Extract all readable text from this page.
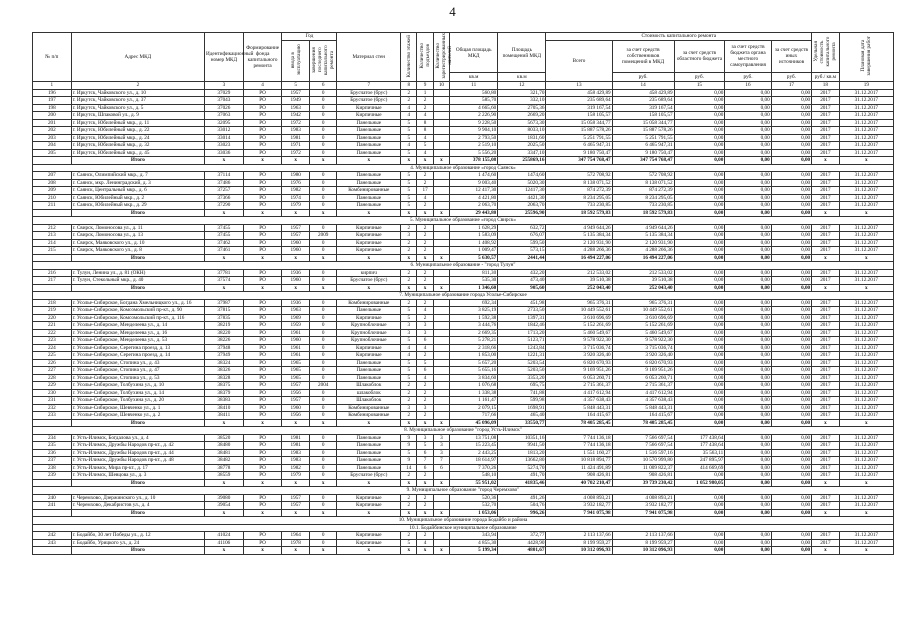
4
№ п/п	Адрес МКД	Идентификационный номер МКД	Формирование фонда капитального ремонта	Год		Материал стен	Количество этажей	Количество подъездов	Количество зарегистрированных жителей	Общая площадь МКД	Площадь помещений МКД	Стоимость капитального ремонта					Удельная стоимость капитального ремонта	Плановая дата завершения работ
				ввода в эксплуатацию	завершения последнего капитального ремонта							Всего	за счет средств собственников помещений в МКД	за счет средств областного бюджета	за счет средств бюджета органа местного самоуправления	за счет средств иных источников		
										кв.м	кв.м		руб.	руб.	руб.	руб.	руб./ кв.м	
1	2	3	4	5	6	7	8	9	10	11	12	13	14	15	16	17	18	19
196	г. Иркутск, Чайковского ул., д. 10	37029	РО	1957	0	Брусчатое (брус)	2	1		560,80	321,70	458 429,89	458 429,89	0,00	0,00	0,00	2017	31.12.2017
197	г. Иркутск, Чайковского ул., д. 37	37043	РО	1949	0	Брусчатое (брус)	2	2		585,70	332,10	235 689,64	235 689,64	0,00	0,00	0,00	2017	31.12.2017
198	г. Иркутск, Чайковского ул., д. 5	37026	РО	1963	0	Кирпичные	4	2		4 665,60	2705,36	319 167,54	319 167,54	0,00	0,00	0,00	2017	31.12.2017
200	г. Иркутск, Шпаковой ул., д. 9	37063	РО	1942	0	Кирпичные	4	4		2 226,90	2669,20	158 105,57	158 105,57	0,00	0,00	0,00	2017	31.12.2017
201	г. Иркутск, Юбилейный мкр., д. 11	32095	РО	1972	0	Панельные	5	8		9 228,50	5673,30	15 058 344,77	15 058 344,77	0,00	0,00	0,00	2017	31.12.2017
202	г. Иркутск, Юбилейный мкр., д. 22	33012	РО	1983	0	Панельные	5	8		9 904,10	8033,10	15 887 578,26	15 887 578,26	0,00	0,00	0,00	2017	31.12.2017
203	г. Иркутск, Юбилейный мкр., д. 24	33014	РО	1981	0	Панельные	5	4		2 793,50	1831,60	5 251 791,55	5 251 791,55	0,00	0,00	0,00	2017	31.12.2017
204	г. Иркутск, Юбилейный мкр., д. 32	33023	РО	1971	0	Панельные	4	5		2 519,10	2025,50	6 465 947,31	6 465 947,31	0,00	0,00	0,00	2017	31.12.2017
205	г. Иркутск, Юбилейный мкр., д. 45	33036	РО	1972	0	Панельные	5	4		5 556,20	3347,10	9 180 750,47	9 180 750,47	0,00	0,00	0,00	2017	31.12.2017
	Итого	x	x	x	x	x	x	x	x	378 155,08	255869,16	347 754 768,47	347 754 768,47	0,00	0,00	0,00	x	x
4. Муниципальное образование «город Саянск»																		
207	г. Саянск, Олимпийский мкр., д. 7	37114	РО	1980	0	Панельные	5	2		1 474,60	1474,60	572 708,92	572 708,92	0,00	0,00	0,00	2017	31.12.2017
208	г. Саянск, мкр. Ленинградский, д. 3	37486	РО	1976	0	Панельные	5	2		9 003,40	5020,30	8 138 071,52	8 138 071,52	0,00	0,00	0,00	2017	31.12.2017
209	г. Саянск, Центральный мкр., д. 6	37257	РО	1982	0	Комбинированные	5	17		12 417,30	12417,30	874 272,39	874 272,39	0,00	0,00	0,00	2017	31.12.2017
210	г. Саянск, Юбилейный мкр., д. 2	37366	РО	1974	0	Панельные	5	4		4 421,80	4421,30	8 234 295,05	8 234 295,05	0,00	0,00	0,00	2017	31.12.2017
211	г. Саянск, Юбилейный мкр., д. 29	37290	РО	1979	0	Панельные	5	2		2 063,70	2063,70	733 230,85	733 230,85	0,00	0,00	0,00	2017	31.12.2017
	Итого	x	x	x	x	x	x	x	x	29 443,80	25596,90	18 592 579,83	18 592 579,83	0,00	0,00	0,00	x	x
5. Муниципальное образование «город Свирск»																		
212	г. Свирск, Ломоносова ул., д. 11	37455	РО	1957	0	Кирпичные	2	2		1 628,29	632,72	4 949 644,26	4 949 644,26	0,00	0,00	0,00	2017	31.12.2017
213	г. Свирск, Ломоносова ул., д. 13	37455	РО	1957	2009	Кирпичные	3	2		1 583,09	676,07	5 135 384,34	5 135 384,34	0,00	0,00	0,00	2017	31.12.2017
214	г. Свирск, Маяковского ул., д. 10	37462	РО	1960	0	Кирпичные	2	2		1 408,92	599,50	2 120 931,90	2 120 931,90	0,00	0,00	0,00	2017	31.12.2017
215	г. Свирск, Маяковского ул., д. 8	37461	РО	1960	0	Кирпичные	2	2		1 009,47	573,15	4 288 266,36	4 288 266,36	0,00	0,00	0,00	2017	31.12.2017
	Итого	x	x	x	x	x	x	x	x	5 630,57	2441,44	16 494 227,06	16 494 227,06	0,00	0,00	0,00	x	x
6. Муниципальное образование - "город Тулун"																		
216	г. Тулун, Ленина ул., д. 81 (ОКН)	37781	РО	1936	0	кирпич	2	2		811,30	432,20	212 533,02	212 533,02	0,00	0,00	0,00	2017	31.12.2017
217	г. Тулун, Стекольный мкр., д. 40	37574	РО	1960	0	Брусчатое (брус)	2	2		535,30	473,40	39 510,38	39 510,38	0,00	0,00	0,00	2017	31.12.2017
	Итого	x	x	x	x	x	x	x	x	1 346,60	905,60	252 043,40	252 043,40	0,00	0,00	0,00	x	x
7. Муниципальное образование города Усолье-Сибирское																		
218	г. Усолье-Сибирское, Богдана Хмельницкого ул., д. 16	37987	РО	1936	0	Комбинированные	2	2		692,34	451,98	965 376,31	965 376,31	0,00	0,00	0,00	2017	31.12.2017
219	г. Усолье-Сибирское, Комсомольский пр-кт., д. 90	37815	РО	1963	0	Панельные	5	4		3 825,19	2733,50	10 449 552,61	10 449 552,61	0,00	0,00	0,00	2017	31.12.2017
220	г. Усолье-Сибирское, Комсомольский пр-кт., д. 116	37835	РО	1969	0	Кирпичные	5	2		1 592,38	1397,31	3 610 696,69	3 610 696,69	0,00	0,00	0,00	2017	31.12.2017
221	г. Усолье-Сибирское, Менделеева ул., д. 14	38219	РО	1959	0	Крупноблочные	3	3		3 444,76	1842,46	5 152 261,69	5 152 261,69	0,00	0,00	0,00	2017	31.12.2017
222	г. Усолье-Сибирское, Менделеева ул., д. 16	38220	РО	1961	0	Крупноблочные	3	3		2 669,35	1713,20	5 460 549,67	5 460 549,67	0,00	0,00	0,00	2017	31.12.2017
223	г. Усолье-Сибирское, Менделеева ул., д. 53	38226	РО	1960	0	Крупноблочные	5	6		5 278,21	5123,71	9 578 922,30	9 578 922,30	0,00	0,00	0,00	2017	31.12.2017
224	г. Усолье-Сибирское, Серегина проезд, д. 13	37948	РО	1961	0	Кирпичные	4	4		2 318,66	1243,84	3 715 036,74	3 715 036,74	0,00	0,00	0,00	2017	31.12.2017
225	г. Усолье-Сибирское, Серегина проезд, д. 14	37949	РО	1961	0	Кирпичные	4	2		1 853,00	1221,31	3 920 326,40	3 920 326,40	0,00	0,00	0,00	2017	31.12.2017
226	г. Усолье-Сибирское, Стопина ул., д. 43	38324	РО	1965	0	Панельные	5	5		5 657,20	5203,54	6 820 670,93	6 820 670,93	0,00	0,00	0,00	2017	31.12.2017
227	г. Усолье-Сибирское, Стопина ул., д. 47	38326	РО	1965	0	Панельные	5	6		5 655,16	5203,50	9 169 951,26	9 169 951,26	0,00	0,00	0,00	2017	31.12.2017
228	г. Усолье-Сибирское, Стопина ул., д. 53	38328	РО	1965	0	Панельные	5	4		3 834,60	3353,20	6 053 260,71	6 053 260,71	0,00	0,00	0,00	2017	31.12.2017
229	г. Усолье-Сибирское, Толбухина ул., д. 10	38375	РО	1957	2004	Шлакоблок	2	2		1 076,68	695,75	2 715 361,37	2 715 361,37	0,00	0,00	0,00	2017	31.12.2017
230	г. Усолье-Сибирское, Толбухина ул., д. 14	38379	РО	1956	0	шлакоблок	2	2		1 338,38	741,88	4 417 612,94	4 417 612,94	0,00	0,00	0,00	2017	31.12.2017
231	г. Усолье-Сибирское, Толбухина ул., д. 20	38383	РО	1957	0	Шлакоблок	2	2		1 161,47	599,98	4 357 638,43	4 357 638,43	0,00	0,00	0,00	2017	31.12.2017
232	г. Усолье-Сибирское, Шевченко ул., д. 1	38410	РО	1960	0	Комбинированные	3	3		2 079,15	1698,91	5 848 443,31	5 848 443,31	0,00	0,00	0,00	2017	31.12.2017
233	г. Усолье-Сибирское, Шевченко ул., д. 2	38411	РО	1956	0	Комбинированные	2	2		717,66	465,40	164 415,67	164 415,67	0,00	0,00	0,00	2017	31.12.2017
	Итого	x	x	x	x	x	x	x	x	45 096,09	33550,77	78 405 285,45	78 405 285,45	0,00	0,00	0,00	x	x
8. Муниципальное образование "город Усть-Илимск"																		
234	г. Усть-Илимск, Богдалова ул., д. 4	38520	РО	1981	0	Панельные	9	3	3	13 751,08	10351,16	7 744 136,18	7 566 697,54	177 438,64	0,00	0,00	2017	31.12.2017
235	г. Усть-Илимск, Дружбы Народов пр-кт., д. 42	38480	РО	1981	0	Панельные	9	5	3	15 223,45	9941,50	7 744 136,18	7 566 697,54	177 438,64	0,00	0,00	2017	31.12.2017
236	г. Усть-Илимск, Дружбы Народов пр-кт., д. 44	38481	РО	1983	0	Панельные	5	6	3	2 443,25	1813,20	1 551 160,27	1 516 597,16	35 563,11	0,00	0,00	2017	31.12.2017
237	г. Усть-Илимск, Дружбы Народов пр-кт., д. 48	38482	РО	1983	0	Панельные	9	7	7	18 614,97	13662,80	10 818 894,77	10 570 999,80	247 895,97	0,00	0,00	2017	31.12.2017
238	г. Усть-Илимск, Мира пр-кт., д. 17	38778	РО	1982	0	Панельные	14	6	6	7 370,26	5274,70	11 424 491,89	11 009 822,37	414 669,69	0,00	0,00	2017	31.12.2017
239	г. Усть-Илимск, Шевцова ул., д. 3	38559	РО	1979	0	Брусчатое (брус)	2	2		548,10	491,70	908 426,81	908 426,81	0,00	0,00	0,00	2017	31.12.2017
	Итого	x	x	x	x	x	x	x	x	55 951,02	41835,46	40 702 210,47	39 739 230,42	1 052 980,05	0,00	0,00	x	x
9. Муниципальное образование "город Черемхово"																		
240	г. Черемхово, Дзержинского ул., д. 10	39080	РО	1957	0	Кирпичные	2	2		520,36	491,26	4 008 893,21	4 008 893,21	0,00	0,00	0,00	2017	31.12.2017
241	г. Черемхово, Декабристов ул., д. 4	39054	РО	1957	0	Кирпичные	2	2		532,70	504,76	3 932 182,77	3 932 182,77	0,00	0,00	0,00	2017	31.12.2017
	Итого	x	x	x	x	x	x	x	x	1 053,06	996,26	7 941 075,98	7 941 075,98	0,00	0,00	0,00	x	x
10. Муниципальное образование города Бодайбо и района																		
10.1. Бодайбинское муниципальное образование																		
242	г. Бодайбо, 30 лет Победы ул., д. 12	41024	РО	1964	0	Кирпичные	2	2		343,94	372,77	2 113 137,66	2 113 137,66	0,00	0,00	0,00	2017	31.12.2017
243	г. Бодайбо, Урицкого ул., д. 24	41106	РО	1978	0	Кирпичные	5	4		4 855,30	4428,90	8 199 959,27	8 199 959,27	0,00	0,00	0,00	2017	31.12.2017
	Итого	x	x	x	x	x	x	x	x	5 199,34	4801,67	10 312 096,93	10 312 096,93	0,00	0,00	0,00	x	x
